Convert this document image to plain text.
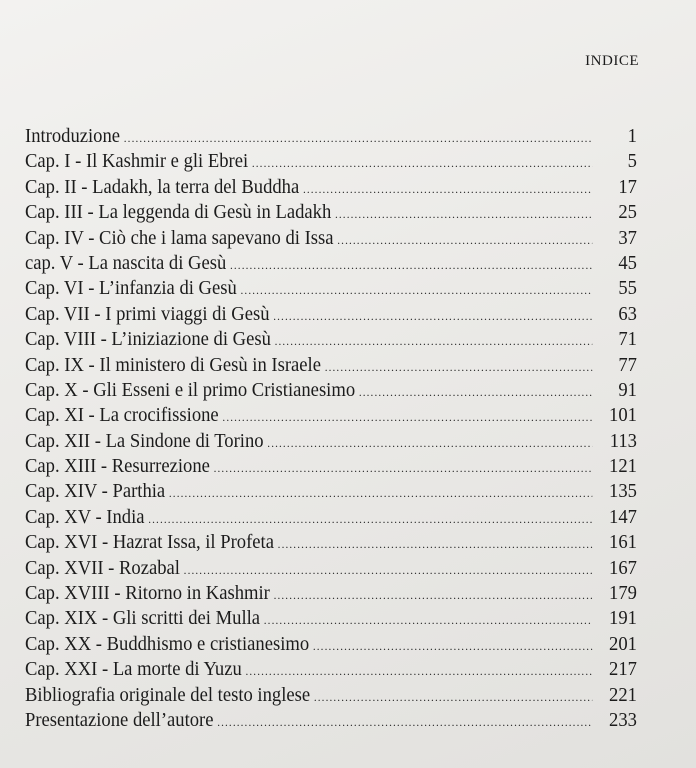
INDICE
Introduzione .....	1
Cap. I - Il Kashmir e gli Ebrei .....	5
Cap. II - Ladakh, la terra del Buddha .....	17
Cap. III - La leggenda di Gesù in Ladakh .....	25
Cap. IV - Ciò che i lama sapevano di Issa .....	37
cap. V - La nascita di Gesù .....	45
Cap. VI - L’infanzia di Gesù .....	55
Cap. VII - I primi viaggi di Gesù .....	63
Cap. VIII - L’iniziazione di Gesù .....	71
Cap. IX - Il ministero di Gesù in Israele .....	77
Cap. X - Gli Esseni e il primo Cristianesimo .....	91
Cap. XI - La crocifissione .....	101
Cap. XII - La Sindone di Torino .....	113
Cap. XIII - Resurrezione .....	121
Cap. XIV - Parthia .....	135
Cap. XV - India .....	147
Cap. XVI - Hazrat Issa, il Profeta .....	161
Cap. XVII - Rozabal .....	167
Cap. XVIII - Ritorno in Kashmir .....	179
Cap. XIX - Gli scritti dei Mulla .....	191
Cap. XX - Buddhismo e cristianesimo .....	201
Cap. XXI - La morte di Yuzu .....	217
Bibliografia originale del testo inglese .....	221
Presentazione dell’autore .....	233
